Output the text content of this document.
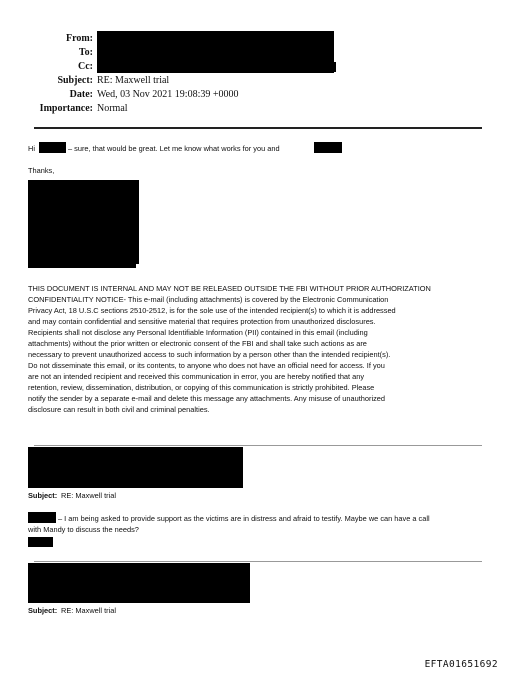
From:
To:
Cc:
Subject: RE: Maxwell trial
Date: Wed, 03 Nov 2021 19:08:39 +0000
Importance: Normal
Hi	– sure, that would be great. Let me know what works for you and
Thanks,
THIS DOCUMENT IS INTERNAL AND MAY NOT BE RELEASED OUTSIDE THE FBI WITHOUT PRIOR AUTHORIZATION
CONFIDENTIALITY NOTICE- This e-mail (including attachments) is covered by the Electronic Communication
Privacy Act, 18 U.S.C sections 2510-2512, is for the sole use of the intended recipient(s) to which it is addressed
and may contain confidential and sensitive material that requires protection from unauthorized disclosures.
Recipients shall not disclose any Personal Identifiable Information (PII) contained in this email (including
attachments) without the prior written or electronic consent of the FBI and shall take such actions as are
necessary to prevent unauthorized access to such information by a person other than the intended recipient(s).
Do not disseminate this email, or its contents, to anyone who does not have an official need for access. If you
are not an intended recipient and received this communication in error, you are hereby notified that any
retention, review, dissemination, distribution, or copying of this communication is strictly prohibited. Please
notify the sender by a separate e-mail and delete this message any attachments. Any misuse of unauthorized
disclosure can result in both civil and criminal penalties.
Subject: RE: Maxwell trial
– I am being asked to provide support as the victims are in distress and afraid to testify. Maybe we can have a call
with Mandy to discuss the needs?
Subject: RE: Maxwell trial
EFTA01651692
